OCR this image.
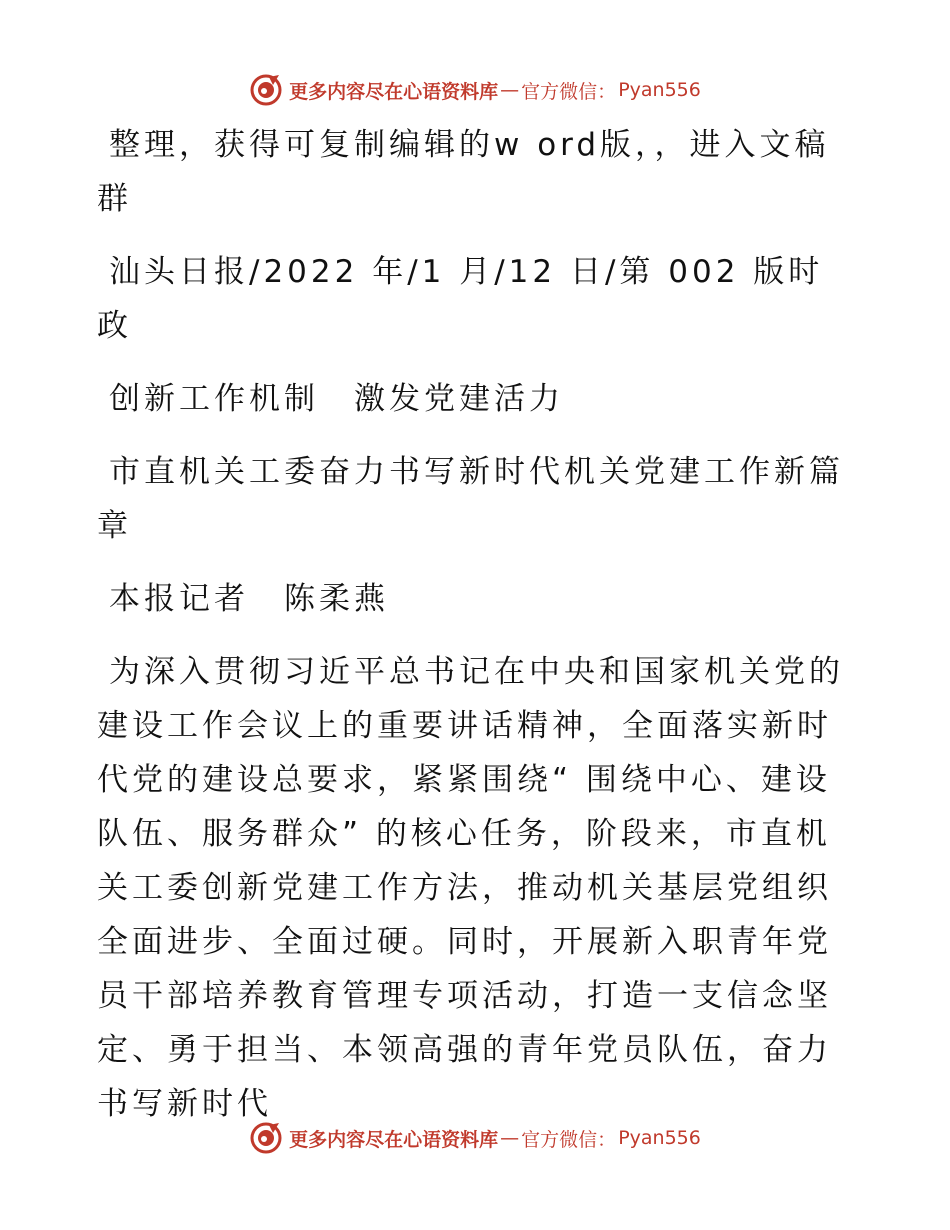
更多内容尽在心语资料库 — 官方微信： Pyan556

整理，获得可复制编辑的w ord版，，进入文稿群

汕头日报/2022 年/1 月/12 日/第 002 版时政

创新工作机制　激发党建活力

市直机关工委奋力书写新时代机关党建工作新篇章

本报记者　陈柔燕

为深入贯彻习近平总书记在中央和国家机关党的建设工作会议上的重要讲话精神，全面落实新时代党的建设总要求，紧紧围绕“ 围绕中心、建设队伍、服务群众” 的核心任务，阶段来，市直机关工委创新党建工作方法，推动机关基层党组织全面进步、全面过硬。同时，开展新入职青年党员干部培养教育管理专项活动，打造一支信念坚定、勇于担当、本领高强的青年党员队伍，奋力书写新时代

更多内容尽在心语资料库 — 官方微信： Pyan556
